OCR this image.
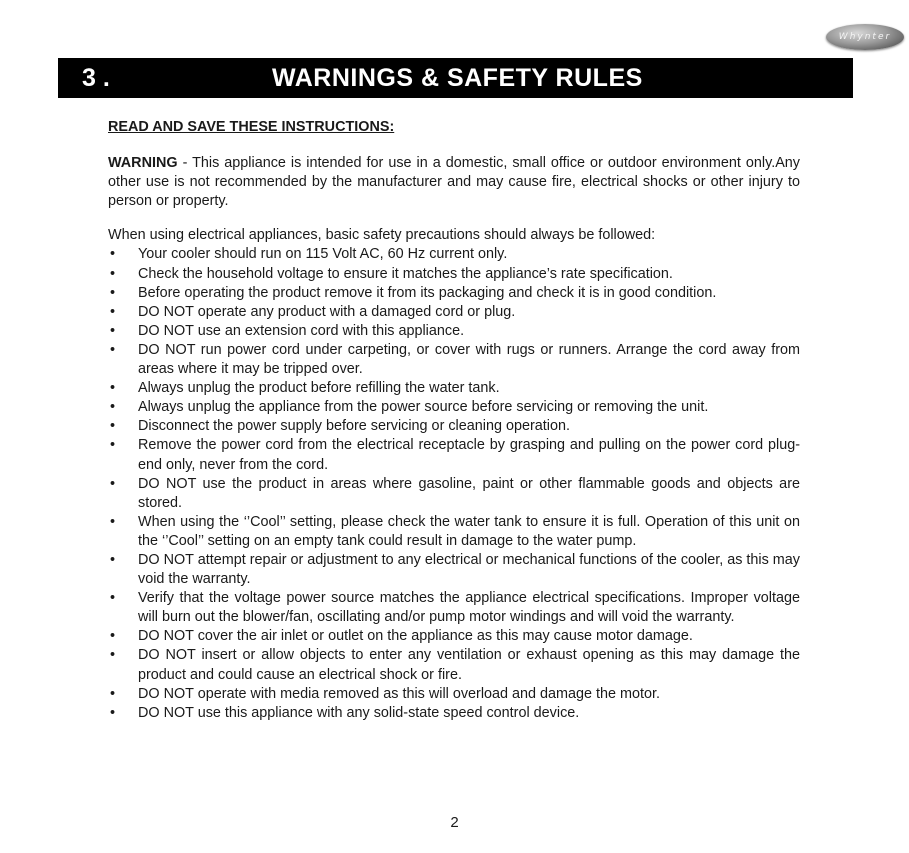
Whynter
3 .	WARNINGS & SAFETY RULES

READ AND SAVE THESE INSTRUCTIONS:

WARNING - This appliance is intended for use in a domestic, small office or outdoor environment only.Any other use is not recommended by the manufacturer and may cause fire, electrical shocks or other injury to person or property.

When using electrical appliances, basic safety precautions should always be followed:

• Your cooler should run on 115 Volt AC, 60 Hz current only.
• Check the household voltage to ensure it matches the appliance’s rate specification.
• Before operating the product remove it from its packaging and check it is in good condition.
• DO NOT operate any product with a damaged cord or plug.
• DO NOT use an extension cord with this appliance.
• DO NOT run power cord under carpeting, or cover with rugs or runners. Arrange the cord away from areas where it may be tripped over.
• Always unplug the product before refilling the water tank.
• Always unplug the appliance from the power source before servicing or removing the unit.
• Disconnect the power supply before servicing or cleaning operation.
• Remove the power cord from the electrical receptacle by grasping and pulling on the power cord plug-end only, never from the cord.
• DO NOT use the product in areas where gasoline, paint or other flammable goods and objects are stored.
• When using the ‘’Cool’’ setting, please check the water tank to ensure it is full. Operation of this unit on the ‘’Cool’’ setting on an empty tank could result in damage to the water pump.
• DO NOT attempt repair or adjustment to any electrical or mechanical functions of the cooler, as this may void the warranty.
• Verify that the voltage power source matches the appliance electrical specifications. Improper voltage will burn out the blower/fan, oscillating and/or pump motor windings and will void the warranty.
• DO NOT cover the air inlet or outlet on the appliance as this may cause motor damage.
• DO NOT insert or allow objects to enter any ventilation or exhaust opening as this may damage the product and could cause an electrical shock or fire.
• DO NOT operate with media removed as this will overload and damage the motor.
• DO NOT use this appliance with any solid-state speed control device.
2
